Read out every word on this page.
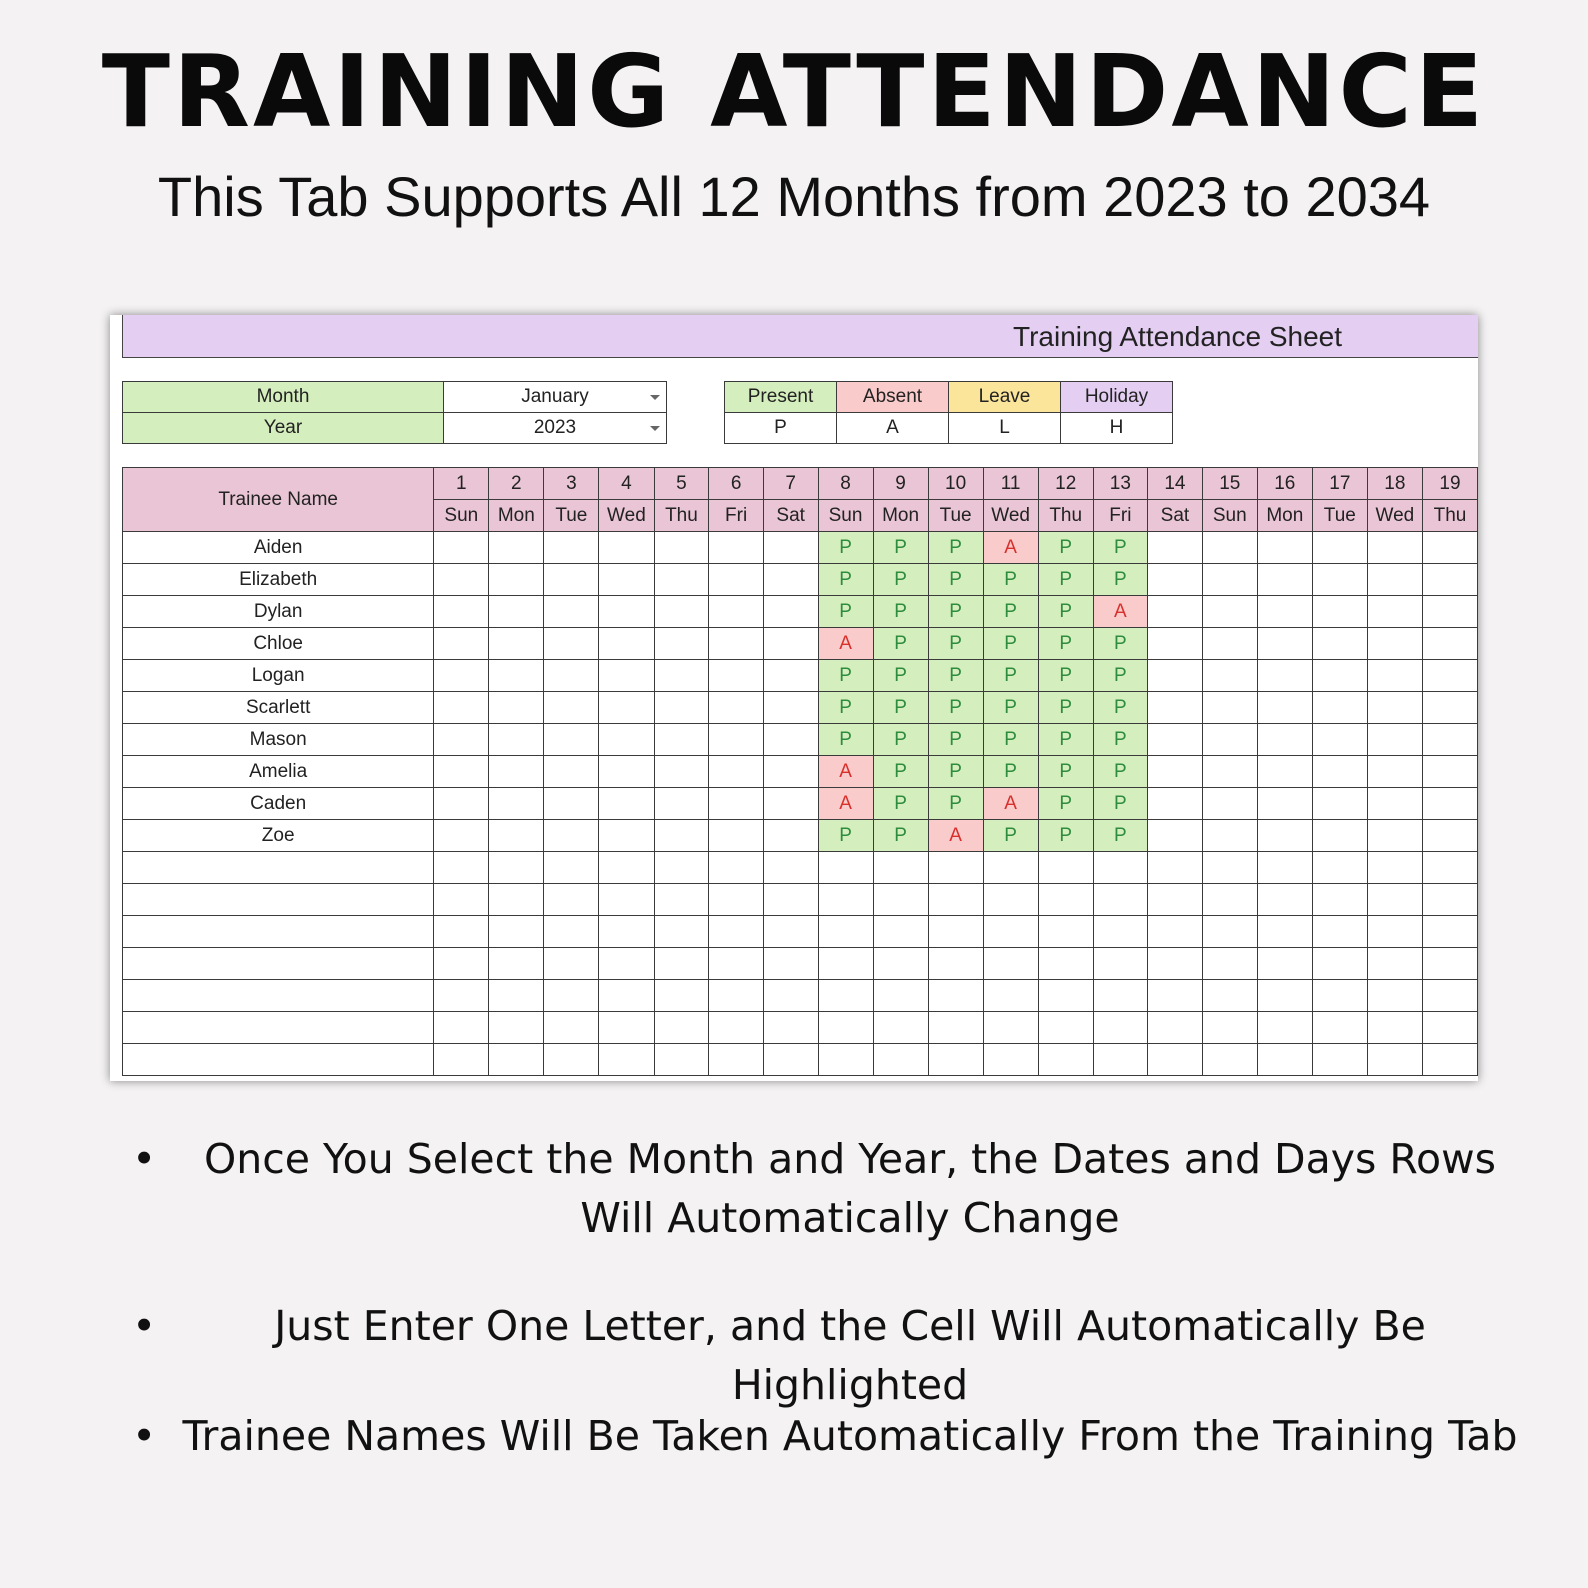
TRAINING ATTENDANCE
This Tab Supports All 12 Months from 2023 to 2034
Training Attendance Sheet
Month	January

Year	2023
Present	Absent	Leave	Holiday
P	A	L	H
Trainee Name	1	2	3	4	5	6	7	8	9	10	11	12	13	14	15	16	17	18	19
	Sun	Mon	Tue	Wed	Thu	Fri	Sat	Sun	Mon	Tue	Wed	Thu	Fri	Sat	Sun	Mon	Tue	Wed	Thu
Aiden								P	P	P	A	P	P						
Elizabeth								P	P	P	P	P	P						
Dylan								P	P	P	P	P	A						
Chloe								A	P	P	P	P	P						
Logan								P	P	P	P	P	P						
Scarlett								P	P	P	P	P	P						
Mason								P	P	P	P	P	P						
Amelia								A	P	P	P	P	P						
Caden								A	P	P	A	P	P						
Zoe								P	P	A	P	P	P						

•	Once You Select the Month and Year, the Dates and Days Rows Will Automatically Change
•	Just Enter One Letter, and the Cell Will Automatically Be Highlighted
• Trainee Names Will Be Taken Automatically From the Training Tab
